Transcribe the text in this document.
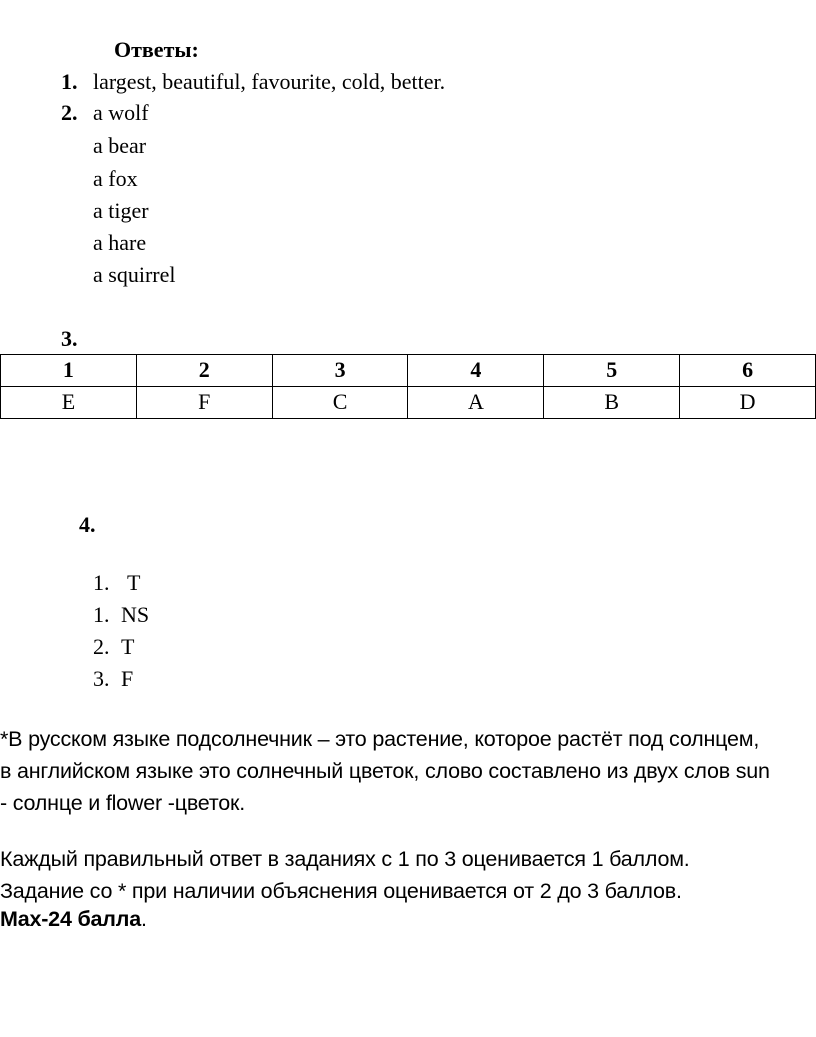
Ответы:
1. largest, beautiful, favourite, cold, better.
2. a wolf
a bear
a fox
a tiger
a hare
a squirrel
3.
1	2	3	4	5	6
E	F	C	A	B	D
4.
1. T
1. NS
2. T
3. F
*В русском языке подсолнечник – это растение, которое растёт под солнцем,
в английском языке это солнечный цветок, слово составлено из двух слов sun
- солнце и flower -цветок.
Каждый правильный ответ в заданиях с 1 по 3 оценивается 1 баллом.
Задание со * при наличии объяснения оценивается от 2 до 3 баллов.
Max-24 балла.
